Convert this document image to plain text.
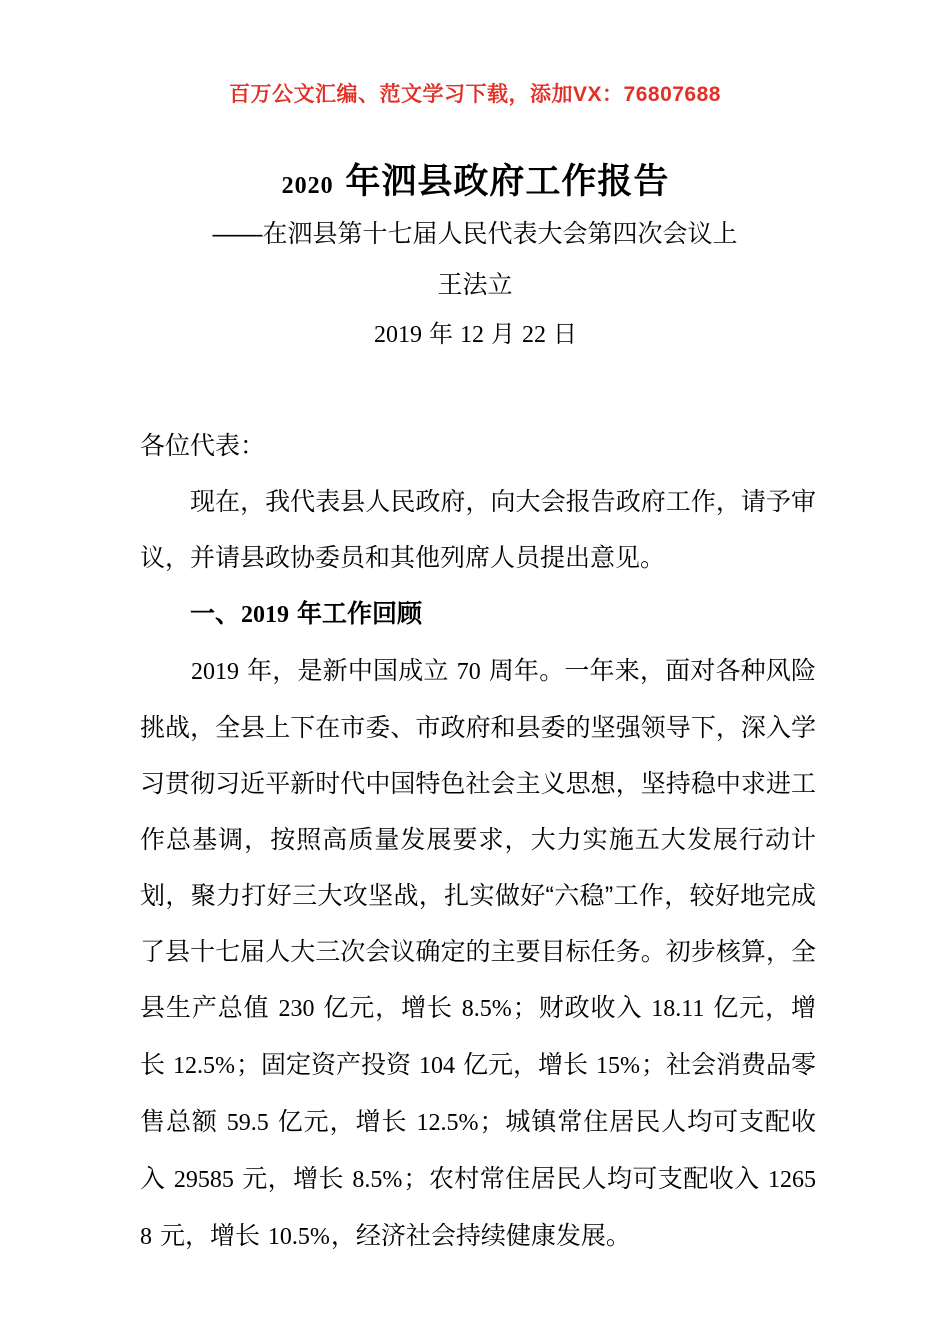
百万公文汇编、范文学习下载，添加VX：76807688
2020 年泗县政府工作报告
——在泗县第十七届人民代表大会第四次会议上
王法立
2019 年 12 月 22 日

各位代表：

现在，我代表县人民政府，向大会报告政府工作，请予审议，并请县政协委员和其他列席人员提出意见。

一、2019 年工作回顾

2019 年，是新中国成立 70 周年。一年来，面对各种风险挑战，全县上下在市委、市政府和县委的坚强领导下，深入学习贯彻习近平新时代中国特色社会主义思想，坚持稳中求进工作总基调，按照高质量发展要求，大力实施五大发展行动计划，聚力打好三大攻坚战，扎实做好“六稳”工作，较好地完成了县十七届人大三次会议确定的主要目标任务。初步核算，全县生产总值 230 亿元，增长 8.5%；财政收入 18.11 亿元，增长 12.5%；固定资产投资 104 亿元，增长 15%；社会消费品零售总额 59.5 亿元，增长 12.5%；城镇常住居民人均可支配收入 29585 元，增长 8.5%；农村常住居民人均可支配收入 12658 元，增长 10.5%，经济社会持续健康发展。
